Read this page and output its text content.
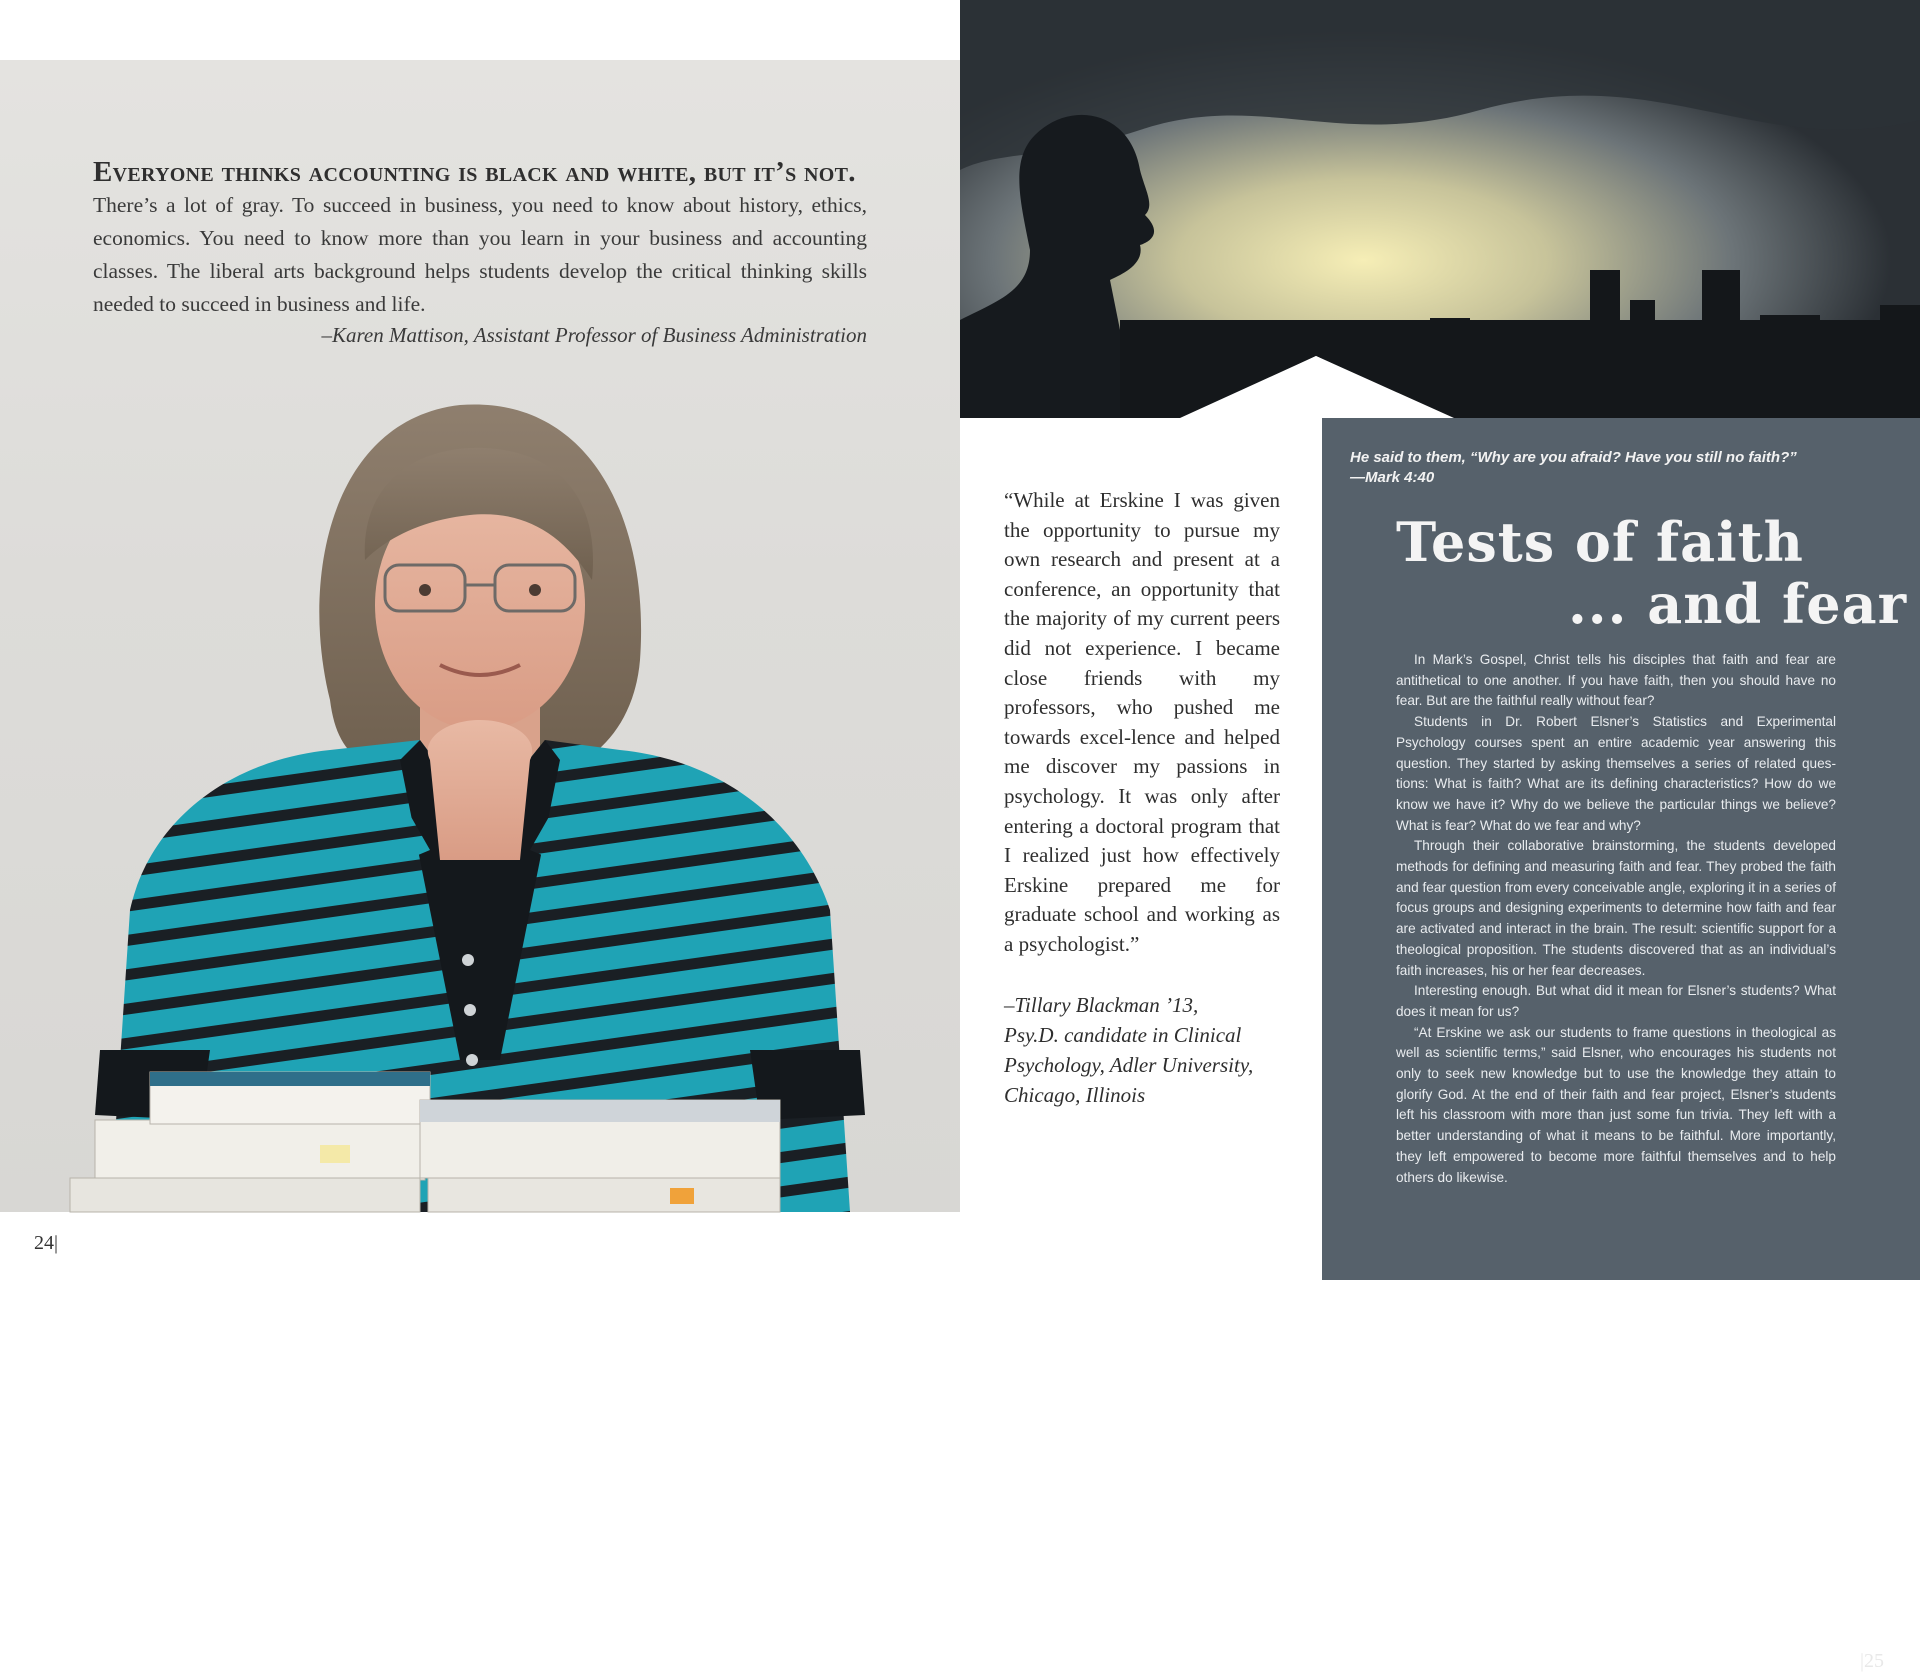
Everyone thinks accounting is black and white, but it’s not.
There’s a lot of gray. To succeed in business, you need to know about history, ethics, economics. You need to know more than you learn in your business and accounting classes. The liberal arts background helps students develop the critical thinking skills needed to succeed in business and life.
–Karen Mattison, Assistant Professor of Business Administration
24|
“While at Erskine I was given the opportunity to pursue my own research and present at a conference, an opportunity that the majority of my current peers did not experience. I became close friends with my professors, who pushed me towards excel-lence and helped me discover my passions in psychology. It was only after entering a doctoral program that I realized just how effectively Erskine prepared me for graduate school and working as a psychologist.”
–Tillary Blackman ’13,
Psy.D. candidate in Clinical
Psychology, Adler University,
Chicago, Illinois
He said to them, “Why are you afraid? Have you still no faith?”
—Mark 4:40
Tests of faith
... and fear

In Mark’s Gospel, Christ tells his disciples that faith and fear are antithetical to one another. If you have faith, then you should have no fear. But are the faithful really without fear?

Students in Dr. Robert Elsner’s Statistics and Experimental Psychology courses spent an entire academic year answering this question. They started by asking themselves a series of related ques-tions: What is faith? What are its defining characteristics? How do we know we have it? Why do we believe the particular things we believe? What is fear? What do we fear and why?

Through their collaborative brainstorming, the students developed methods for defining and measuring faith and fear. They probed the faith and fear question from every conceivable angle, exploring it in a series of focus groups and designing experiments to determine how faith and fear are activated and interact in the brain. The result: scientific support for a theological proposition. The students discovered that as an individual’s faith increases, his or her fear decreases.

Interesting enough. But what did it mean for Elsner’s students? What does it mean for us?

“At Erskine we ask our students to frame questions in theological as well as scientific terms,” said Elsner, who encourages his students not only to seek new knowledge but to use the knowledge they attain to glorify God. At the end of their faith and fear project, Elsner’s students left his classroom with more than just some fun trivia. They left with a better understanding of what it means to be faithful. More importantly, they left empowered to become more faithful themselves and to help others do likewise.

|25
